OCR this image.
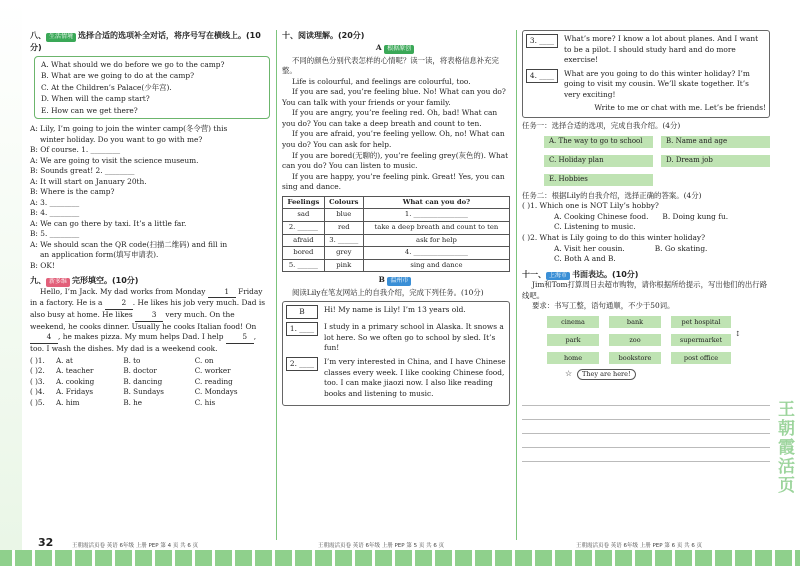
八、 生活情境 选择合适的选项补全对话，将序号写在横线上。(10分)
A. What should we do before we go to the camp?
B. What are we going to do at the camp?
C. At the Children’s Palace(少年宫).
D. When will the camp start?
E. How can we get there?

A: Lily, I’m going to join the winter camp(冬令营) this

winter holiday. Do you want to go with me?

B: Of course. 1. ________

A: We are going to visit the science museum.

B: Sounds great! 2. ________

A: It will start on January 20th.

B: Where is the camp?

A: 3. ________

B: 4. ________

A: We can go there by taxi. It’s a little far.

B: 5. ________

A: We should scan the QR code(扫描二维码) and fill in

an application form(填写申请表).

B: OK!

九、 新多维 完形填空。(10分)

Hello, I’m Jack. My dad works from Monday 1 Friday in a factory. He is a 2 . He likes his job very much. Dad is also busy at home. He likes 3 very much. On the weekend, he cooks dinner. Usually he cooks Italian food! On 4 , he makes pizza. My mum helps Dad. I help 5 , too. I wash the dishes. My dad is a weekend cook.

( )1.	A. at	B. to	C. on
( )2.	A. teacher	B. doctor	C. worker
( )3.	A. cooking	B. dancing	C. reading
( )4.	A. Fridays	B. Sundays	C. Mondays
( )5.	A. him	B. he	C. his
十、阅读理解。(20分)
A 根据原创

不同的颜色分别代表怎样的心情呢？读一读，将表格信息补充完整。

Life is colourful, and feelings are colourful, too.

If you are sad, you’re feeling blue. No! What can you do? You can talk with your friends or your family.

If you are angry, you’re feeling red. Oh, bad! What can you do? You can take a deep breath and count to ten.

If you are afraid, you’re feeling yellow. Oh, no! What can you do? You can ask for help.

If you are bored(无聊的), you’re feeling grey(灰色的). What can you do? You can listen to music.

If you are happy, you’re feeling pink. Great! Yes, you can sing and dance.

Feelings	Colours	What can you do?
sad	blue	1. ________________
2. ______	red	take a deep breath and count to ten
afraid	3. ______	ask for help
bored	grey	4. ________________
5. ______	pink	sing and dance
B 温州市

阅读Lily在笔友网站上的自我介绍，完成下列任务。(10分)

B	Hi! My name is Lily! I’m 13 years old.
1. ____	I study in a primary school in Alaska. It snows a lot here. So we often go to school by sled. It’s fun!
2. ____	I’m very interested in China, and I have Chinese classes every week. I like cooking Chinese food, too. I can make jiaozi now. I also like reading books and listening to music.
3. ____	What’s more? I know a lot about planes. And I want to be a pilot. I should study hard and do more exercise!
4. ____	What are you going to do this winter holiday? I’m going to visit my cousin. We’ll skate together. It’s very exciting!
Write to me or chat with me. Let’s be friends!

任务一：选择合适的选项，完成自我介绍。(4分)

A. The way to go to school	B. Name and age
C. Holiday plan	D. Dream job
E. Hobbies

任务二：根据Lily的自我介绍，选择正确的答案。(4分)

( )1. Which one is NOT Lily’s hobby?

A. Cooking Chinese food. B. Doing kung fu.
C. Listening to music.

( )2. What is Lily going to do this winter holiday?

A. Visit her cousin.	B. Go skating.
C. Both A and B.
十一、 上海市 书面表达。(10分)

Jim和Tom打算周日去超市购物，请你根据所给提示，写出他们的出行路线吧。

要求：书写工整，语句通顺，不少于50词。

cinema	bank	pet hospital
park	zoo	supermarket
home	bookstore	post office
They are here!
☆
↕
王朝霞活页
32	王朝霞活页卷 英语 6年级 上册 PEP 第 4 页 共 6 页	王朝霞活页卷 英语 6年级 上册 PEP 第 5 页 共 6 页	王朝霞活页卷 英语 6年级 上册 PEP 第 6 页 共 6 页
